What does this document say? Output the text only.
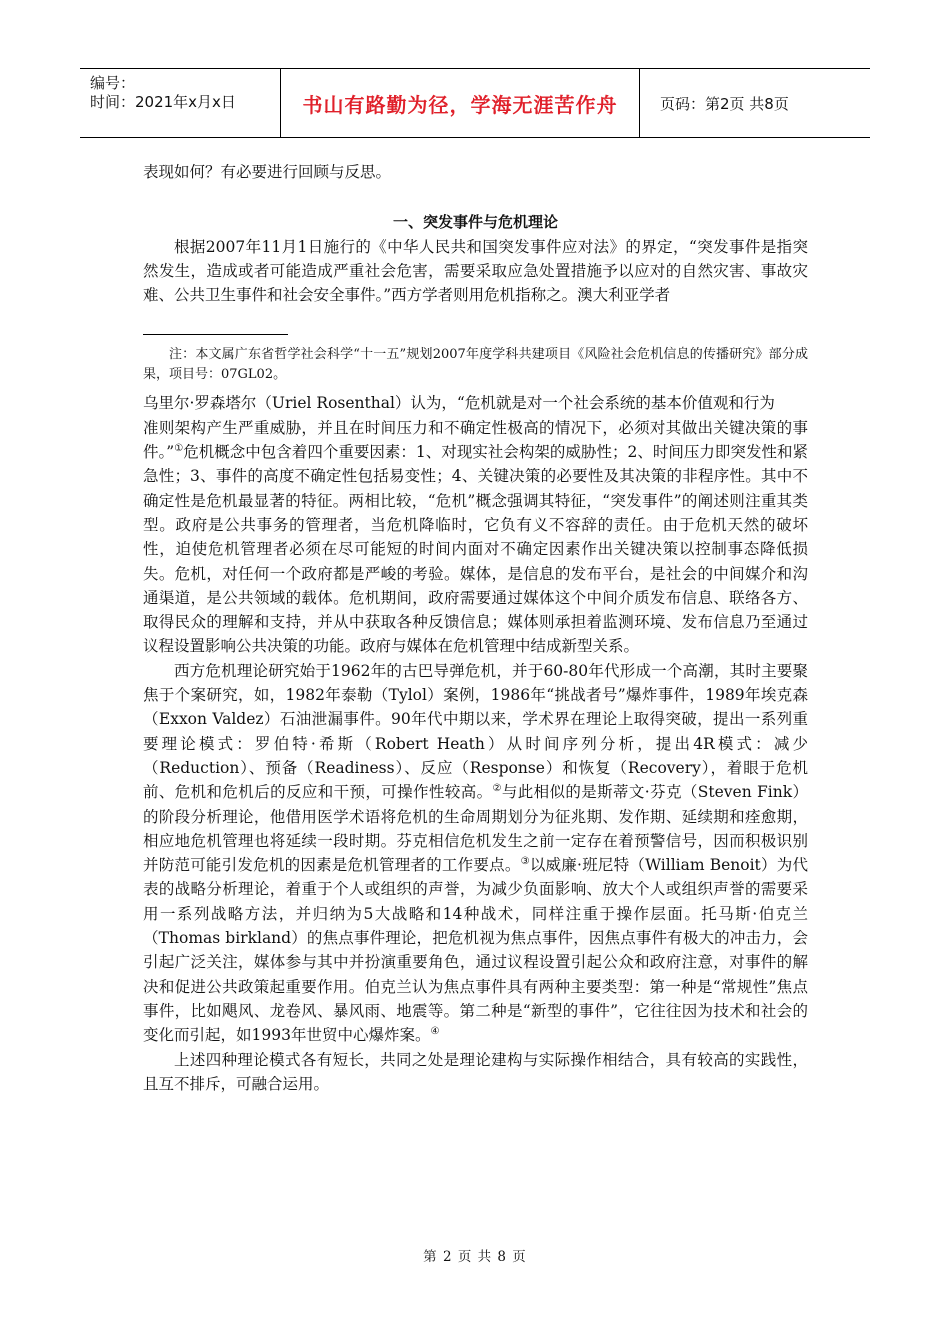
编号：
时间：2021年x月x日	书山有路勤为径，学海无涯苦作舟	页码：第2页 共8页

表现如何？有必要进行回顾与反思。

一、突发事件与危机理论

根据2007年11月1日施行的《中华人民共和国突发事件应对法》的界定，“突发事件是指突然发生，造成或者可能造成严重社会危害，需要采取应急处置措施予以应对的自然灾害、事故灾难、公共卫生事件和社会安全事件。”西方学者则用危机指称之。澳大利亚学者

注：本文属广东省哲学社会科学“十一五”规划2007年度学科共建项目《风险社会危机信息的传播研究》部分成果，项目号：07GL02。

乌里尔·罗森塔尔（Uriel Rosenthal）认为，“危机就是对一个社会系统的基本价值观和行为

准则架构产生严重威胁，并且在时间压力和不确定性极高的情况下，必须对其做出关键决策的事件。”①危机概念中包含着四个重要因素：1、对现实社会构架的威胁性；2、时间压力即突发性和紧急性；3、事件的高度不确定性包括易变性；4、关键决策的必要性及其决策的非程序性。其中不确定性是危机最显著的特征。两相比较，“危机”概念强调其特征，“突发事件”的阐述则注重其类型。政府是公共事务的管理者，当危机降临时，它负有义不容辞的责任。由于危机天然的破坏性，迫使危机管理者必须在尽可能短的时间内面对不确定因素作出关键决策以控制事态降低损失。危机，对任何一个政府都是严峻的考验。媒体，是信息的发布平台，是社会的中间媒介和沟通渠道，是公共领域的载体。危机期间，政府需要通过媒体这个中间介质发布信息、联络各方、取得民众的理解和支持，并从中获取各种反馈信息；媒体则承担着监测环境、发布信息乃至通过议程设置影响公共决策的功能。政府与媒体在危机管理中结成新型关系。

西方危机理论研究始于1962年的古巴导弹危机，并于60-80年代形成一个高潮，其时主要聚焦于个案研究，如，1982年泰勒（Tylol）案例，1986年“挑战者号”爆炸事件，1989年埃克森（Exxon Valdez）石油泄漏事件。90年代中期以来，学术界在理论上取得突破，提出一系列重要理论模式：罗伯特·希斯（Robert Heath）从时间序列分析，提出4R模式：减少（Reduction）、预备（Readiness）、反应（Response）和恢复（Recovery），着眼于危机前、危机和危机后的反应和干预，可操作性较高。②与此相似的是斯蒂文·芬克（Steven Fink）的阶段分析理论，他借用医学术语将危机的生命周期划分为征兆期、发作期、延续期和痊愈期，相应地危机管理也将延续一段时期。芬克相信危机发生之前一定存在着预警信号，因而积极识别并防范可能引发危机的因素是危机管理者的工作要点。③以威廉·班尼特（William Benoit）为代表的战略分析理论，着重于个人或组织的声誉，为减少负面影响、放大个人或组织声誉的需要采用一系列战略方法，并归纳为5大战略和14种战术，同样注重于操作层面。托马斯·伯克兰（Thomas birkland）的焦点事件理论，把危机视为焦点事件，因焦点事件有极大的冲击力，会引起广泛关注，媒体参与其中并扮演重要角色，通过议程设置引起公众和政府注意，对事件的解决和促进公共政策起重要作用。伯克兰认为焦点事件具有两种主要类型：第一种是“常规性”焦点事件，比如飓风、龙卷风、暴风雨、地震等。第二种是“新型的事件”，它往往因为技术和社会的变化而引起，如1993年世贸中心爆炸案。④

上述四种理论模式各有短长，共同之处是理论建构与实际操作相结合，具有较高的实践性，且互不排斥，可融合运用。

第 2 页 共 8 页
